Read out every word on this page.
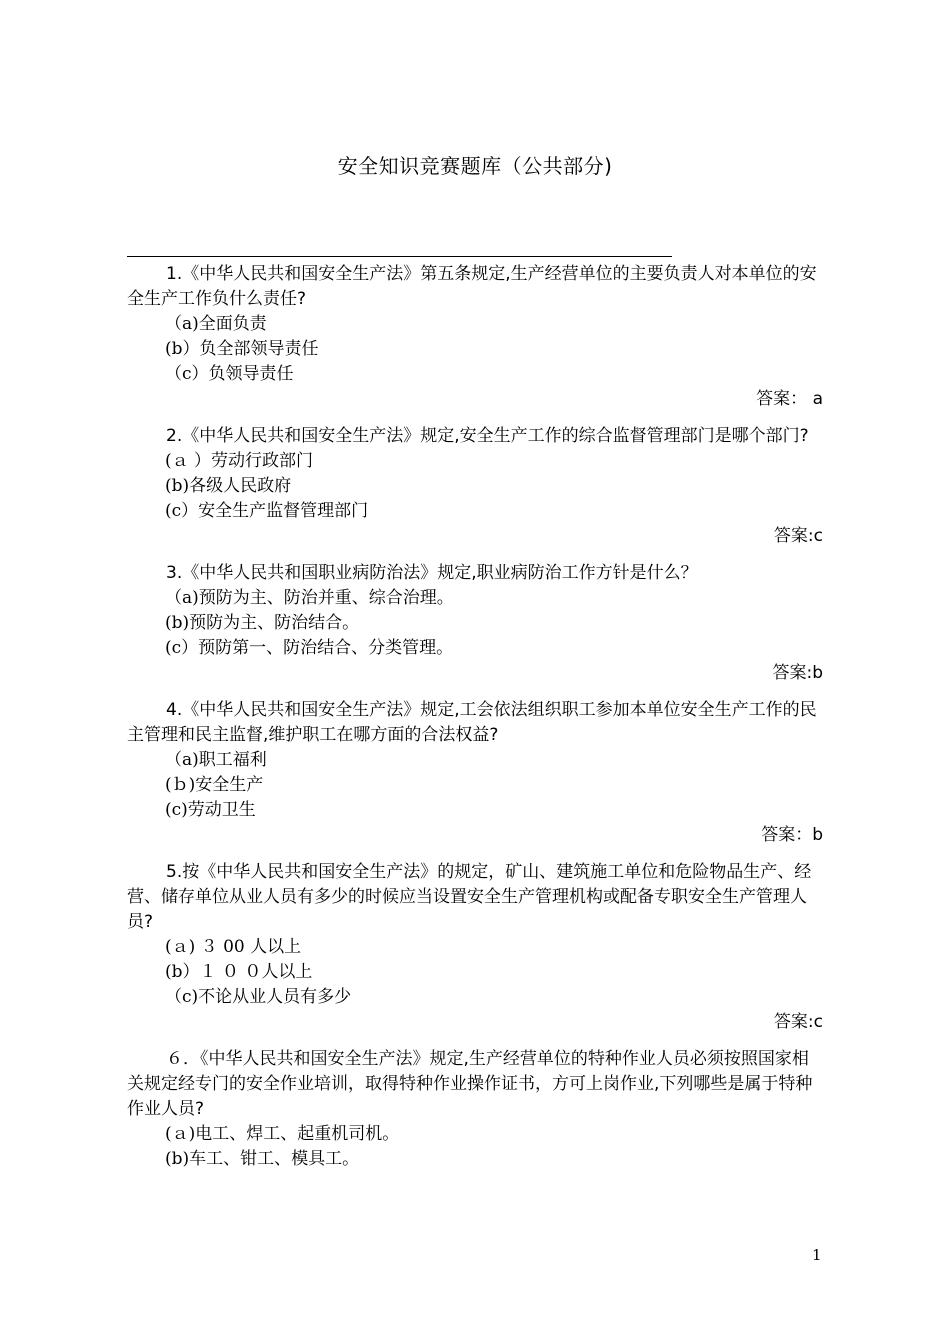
安全知识竞赛题库（公共部分)

1.《中华人民共和国安全生产法》第五条规定,生产经营单位的主要负责人对本单位的安全生产工作负什么责任?

（a)全面负责

(b）负全部领导责任

（c）负领导责任

答案： a

2.《中华人民共和国安全生产法》规定,安全生产工作的综合监督管理部门是哪个部门?

(ａ ）劳动行政部门

(b)各级人民政府

(c）安全生产监督管理部门

答案:c

3.《中华人民共和国职业病防治法》规定,职业病防治工作方针是什么？

（a)预防为主、防治并重、综合治理。

(b)预防为主、防治结合。

(c）预防第一、防治结合、分类管理。

答案:b

4.《中华人民共和国安全生产法》规定,工会依法组织职工参加本单位安全生产工作的民主管理和民主监督,维护职工在哪方面的合法权益?

（a)职工福利

(ｂ)安全生产

(c)劳动卫生

答案：b

5.按《中华人民共和国安全生产法》的规定，矿山、建筑施工单位和危险物品生产、经营、储存单位从业人员有多少的时候应当设置安全生产管理机构或配备专职安全生产管理人员?

(ａ) ３ 00 人以上

(b）１ ０ ０人以上

（c)不论从业人员有多少

答案:c

６．《中华人民共和国安全生产法》规定,生产经营单位的特种作业人员必须按照国家相关规定经专门的安全作业培训，取得特种作业操作证书，方可上岗作业,下列哪些是属于特种作业人员?

(ａ)电工、焊工、起重机司机。

(b)车工、钳工、模具工。

1
